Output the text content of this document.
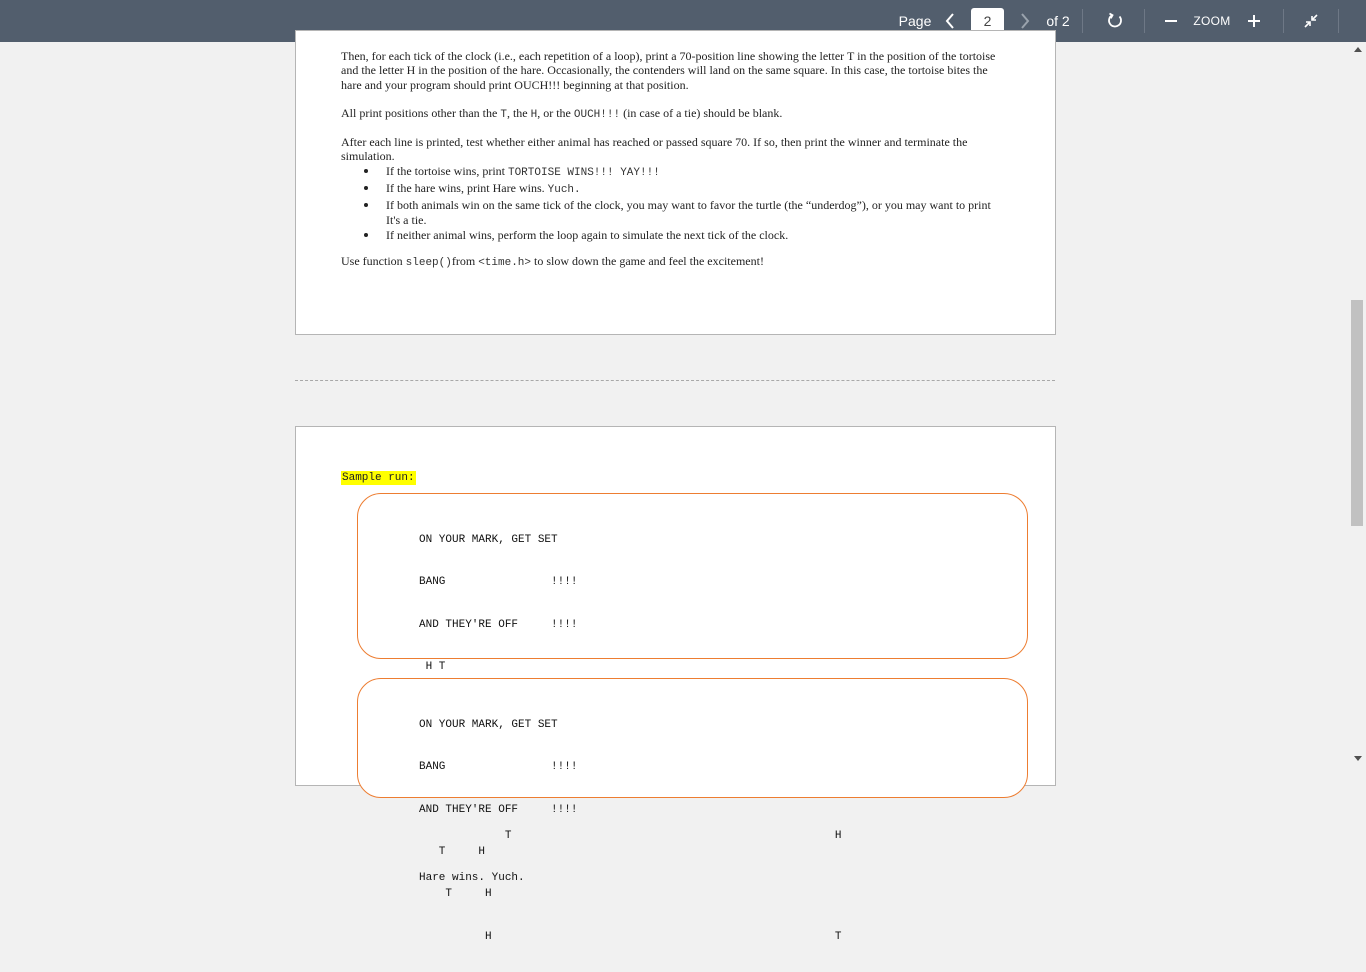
Page
2	of 2	ZOOM
Then, for each tick of the clock (i.e., each repetition of a loop), print a 70-position line showing the letter T in the position of the tortoise and the letter H in the position of the hare. Occasionally, the contenders will land on the same square. In this case, the tortoise bites the hare and your program should print OUCH!!! beginning at that position.
All print positions other than the T, the H, or the OUCH!!! (in case of a tie) should be blank.
After each line is printed, test whether either animal has reached or passed square 70. If so, then print the winner and terminate the simulation.
If the tortoise wins, print TORTOISE WINS!!! YAY!!!
If the hare wins, print Hare wins. Yuch.
If both animals win on the same tick of the clock, you may want to favor the turtle (the “underdog”), or you may want to print It's a tie.
If neither animal wins, perform the loop again to simulate the next tick of the clock.
Use function sleep()from <time.h> to slow down the game and feel the excitement!
Sample run:

ON YOUR MARK, GET SET

BANG                !!!!

AND THEY'RE OFF     !!!!

H T

T                                                 H

Hare wins. Yuch.

ON YOUR MARK, GET SET

BANG                !!!!

AND THEY'RE OFF     !!!!

T     H

T     H

H                                                    T
